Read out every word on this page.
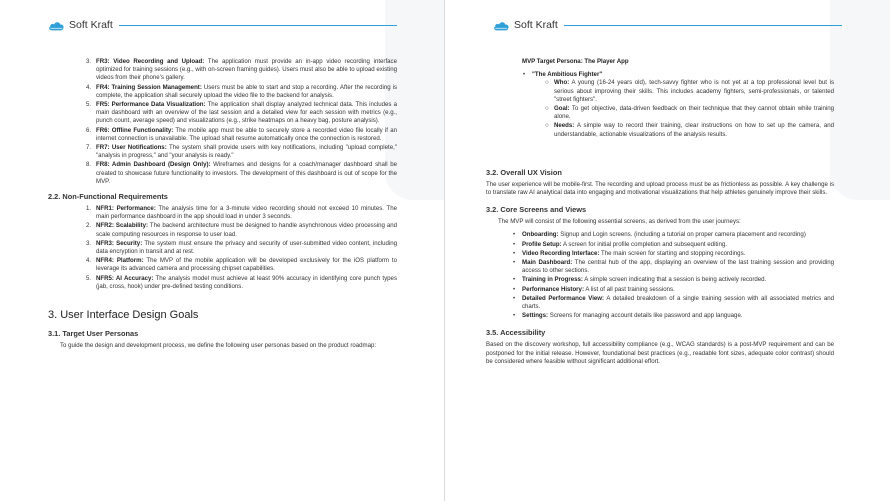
Soft Kraft
3. FR3: Video Recording and Upload: The application must provide an in-app video recording interface optimized for training sessions (e.g., with on-screen framing guides). Users must also be able to upload existing videos from their phone's gallery.
4. FR4: Training Session Management: Users must be able to start and stop a recording. After the recording is complete, the application shall securely upload the video file to the backend for analysis.
5. FR5: Performance Data Visualization: The application shall display analyzed technical data. This includes a main dashboard with an overview of the last session and a detailed view for each session with metrics (e.g., punch count, average speed) and visualizations (e.g., strike heatmaps on a heavy bag, posture analysis).
6. FR6: Offline Functionality: The mobile app must be able to securely store a recorded video file locally if an internet connection is unavailable. The upload shall resume automatically once the connection is restored.
7. FR7: User Notifications: The system shall provide users with key notifications, including "upload complete," "analysis in progress," and "your analysis is ready."
8. FR8: Admin Dashboard (Design Only): Wireframes and designs for a coach/manager dashboard shall be created to showcase future functionality to investors. The development of this dashboard is out of scope for the MVP.
2.2. Non-Functional Requirements
1. NFR1: Performance: The analysis time for a 3-minute video recording should not exceed 10 minutes. The main performance dashboard in the app should load in under 3 seconds.
2. NFR2: Scalability: The backend architecture must be designed to handle asynchronous video processing and scale computing resources in response to user load.
3. NFR3: Security: The system must ensure the privacy and security of user-submitted video content, including data encryption in transit and at rest.
4. NFR4: Platform: The MVP of the mobile application will be developed exclusively for the iOS platform to leverage its advanced camera and processing chipset capabilities.
5. NFR5: AI Accuracy: The analysis model must achieve at least 90% accuracy in identifying core punch types (jab, cross, hook) under pre-defined testing conditions.
3. User Interface Design Goals
3.1. Target User Personas
To guide the design and development process, we define the following user personas based on the product roadmap:
Soft Kraft
MVP Target Persona: The Player App
• "The Ambitious Fighter"
○ Who: A young (16-24 years old), tech-savvy fighter who is not yet at a top professional level but is serious about improving their skills. This includes academy fighters, semi-professionals, or talented "street fighters".
○ Goal: To get objective, data-driven feedback on their technique that they cannot obtain while training alone.
○ Needs: A simple way to record their training, clear instructions on how to set up the camera, and understandable, actionable visualizations of the analysis results.
3.2. Overall UX Vision
The user experience will be mobile-first. The recording and upload process must be as frictionless as possible. A key challenge is to translate raw AI analytical data into engaging and motivational visualizations that help athletes genuinely improve their skills.
3.2. Core Screens and Views
The MVP will consist of the following essential screens, as derived from the user journeys:
• Onboarding: Signup and Login screens. (including a tutorial on proper camera placement and recording)
• Profile Setup: A screen for initial profile completion and subsequent editing.
• Video Recording Interface: The main screen for starting and stopping recordings.
• Main Dashboard: The central hub of the app, displaying an overview of the last training session and providing access to other sections.
• Training in Progress: A simple screen indicating that a session is being actively recorded.
• Performance History: A list of all past training sessions.
• Detailed Performance View: A detailed breakdown of a single training session with all associated metrics and charts.
• Settings: Screens for managing account details like password and app language.
3.5. Accessibility
Based on the discovery workshop, full accessibility compliance (e.g., WCAG standards) is a post-MVP requirement and can be postponed for the initial release. However, foundational best practices (e.g., readable font sizes, adequate color contrast) should be considered where feasible without significant additional effort.
